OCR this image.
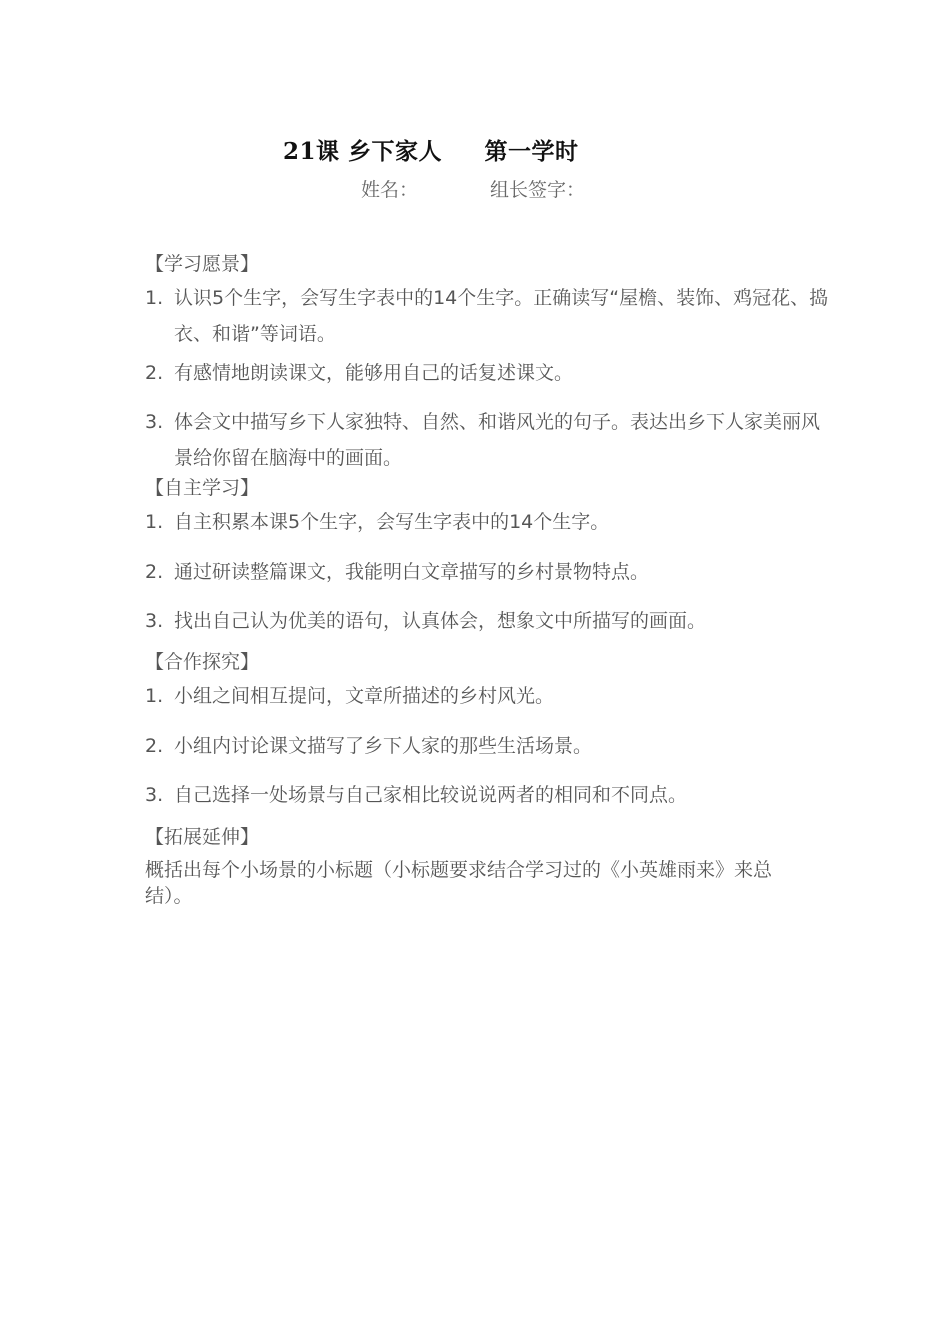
21课 乡下家人     第一学时
姓名：	组长签字：
【学习愿景】
1. 认识5个生字，会写生字表中的14个生字。正确读写“屋檐、装饰、鸡冠花、捣衣、和谐”等词语。
2. 有感情地朗读课文，能够用自己的话复述课文。
3. 体会文中描写乡下人家独特、自然、和谐风光的句子。表达出乡下人家美丽风景给你留在脑海中的画面。
【自主学习】
1. 自主积累本课5个生字，会写生字表中的14个生字。
2. 通过研读整篇课文，我能明白文章描写的乡村景物特点。
3. 找出自己认为优美的语句，认真体会，想象文中所描写的画面。
【合作探究】
1. 小组之间相互提问，文章所描述的乡村风光。
2. 小组内讨论课文描写了乡下人家的那些生活场景。
3. 自己选择一处场景与自己家相比较说说两者的相同和不同点。
【拓展延伸】
概括出每个小场景的小标题（小标题要求结合学习过的《小英雄雨来》来总结）。
